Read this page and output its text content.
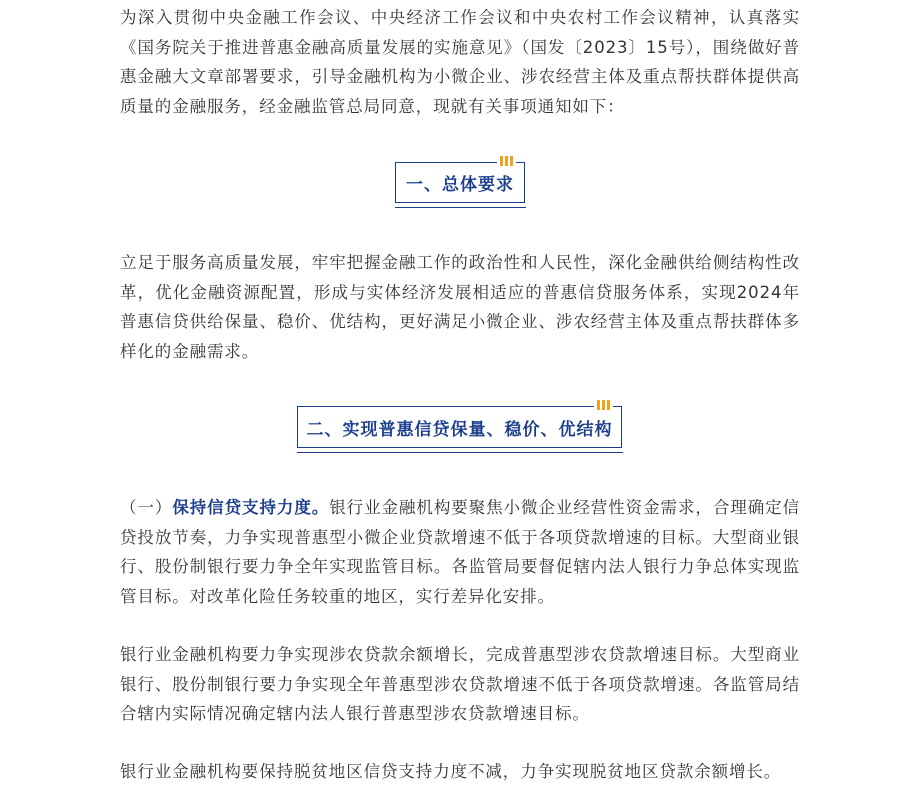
为深入贯彻中央金融工作会议、中央经济工作会议和中央农村工作会议精神，认真落实《国务院关于推进普惠金融高质量发展的实施意见》（国发〔2023〕15号），围绕做好普惠金融大文章部署要求，引导金融机构为小微企业、涉农经营主体及重点帮扶群体提供高质量的金融服务，经金融监管总局同意，现就有关事项通知如下：

立足于服务高质量发展，牢牢把握金融工作的政治性和人民性，深化金融供给侧结构性改革，优化金融资源配置，形成与实体经济发展相适应的普惠信贷服务体系，实现2024年普惠信贷供给保量、稳价、优结构，更好满足小微企业、涉农经营主体及重点帮扶群体多样化的金融需求。

（一）保持信贷支持力度。银行业金融机构要聚焦小微企业经营性资金需求，合理确定信贷投放节奏，力争实现普惠型小微企业贷款增速不低于各项贷款增速的目标。大型商业银行、股份制银行要力争全年实现监管目标。各监管局要督促辖内法人银行力争总体实现监管目标。对改革化险任务较重的地区，实行差异化安排。

银行业金融机构要力争实现涉农贷款余额增长，完成普惠型涉农贷款增速目标。大型商业银行、股份制银行要力争实现全年普惠型涉农贷款增速不低于各项贷款增速。各监管局结合辖内实际情况确定辖内法人银行普惠型涉农贷款增速目标。

银行业金融机构要保持脱贫地区信贷支持力度不减，力争实现脱贫地区贷款余额增长。

一、总体要求
二、实现普惠信贷保量、稳价、优结构
